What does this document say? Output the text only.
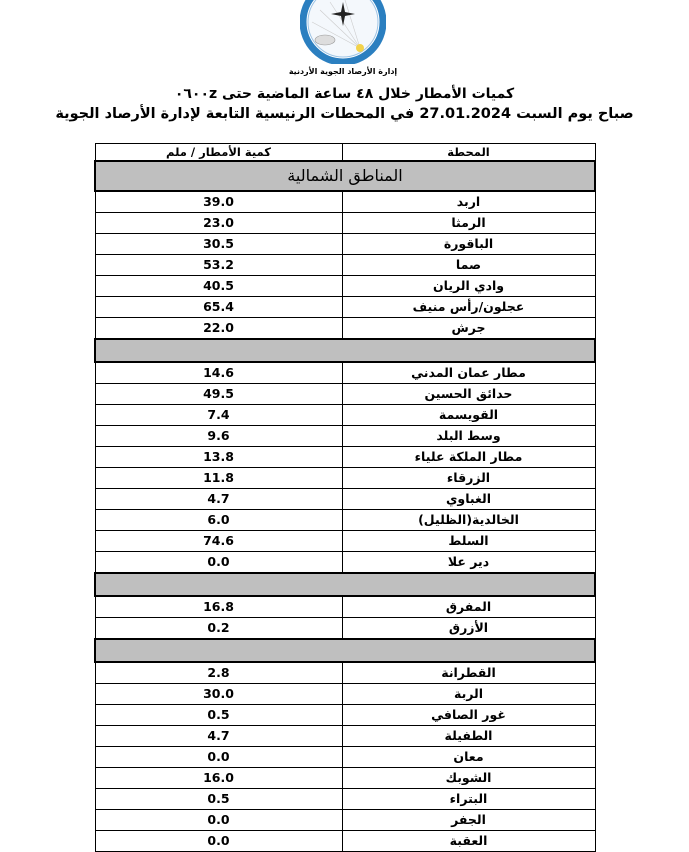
إدارة الأرصاد الجوية الأردنية
كميات الأمطار خلال ٤٨ ساعة الماضية حتى ٠٦٠٠z
صباح يوم السبت 27.01.2024 في المحطات الرنيسية التابعة لإدارة الأرصاد الجوية
كمية الأمطار / ملم	المحطة
المناطق الشمالية	
39.0	اربد
23.0	الرمثا
30.5	الباقورة
53.2	صما
40.5	وادي الريان
65.4	عجلون/رأس منيف
22.0	جرش

14.6	مطار عمان المدني
49.5	حدائق الحسين
7.4	القويسمة
9.6	وسط البلد
13.8	مطار الملكة علياء
11.8	الزرقاء
4.7	الغباوي
6.0	الخالدية(الظليل)
74.6	السلط
0.0	دير علا

16.8	المفرق
0.2	الأزرق

2.8	القطرانة
30.0	الربة
0.5	غور الصافي
4.7	الطفيلة
0.0	معان
16.0	الشوبك
0.5	البتراء
0.0	الجفر
0.0	العقبة
